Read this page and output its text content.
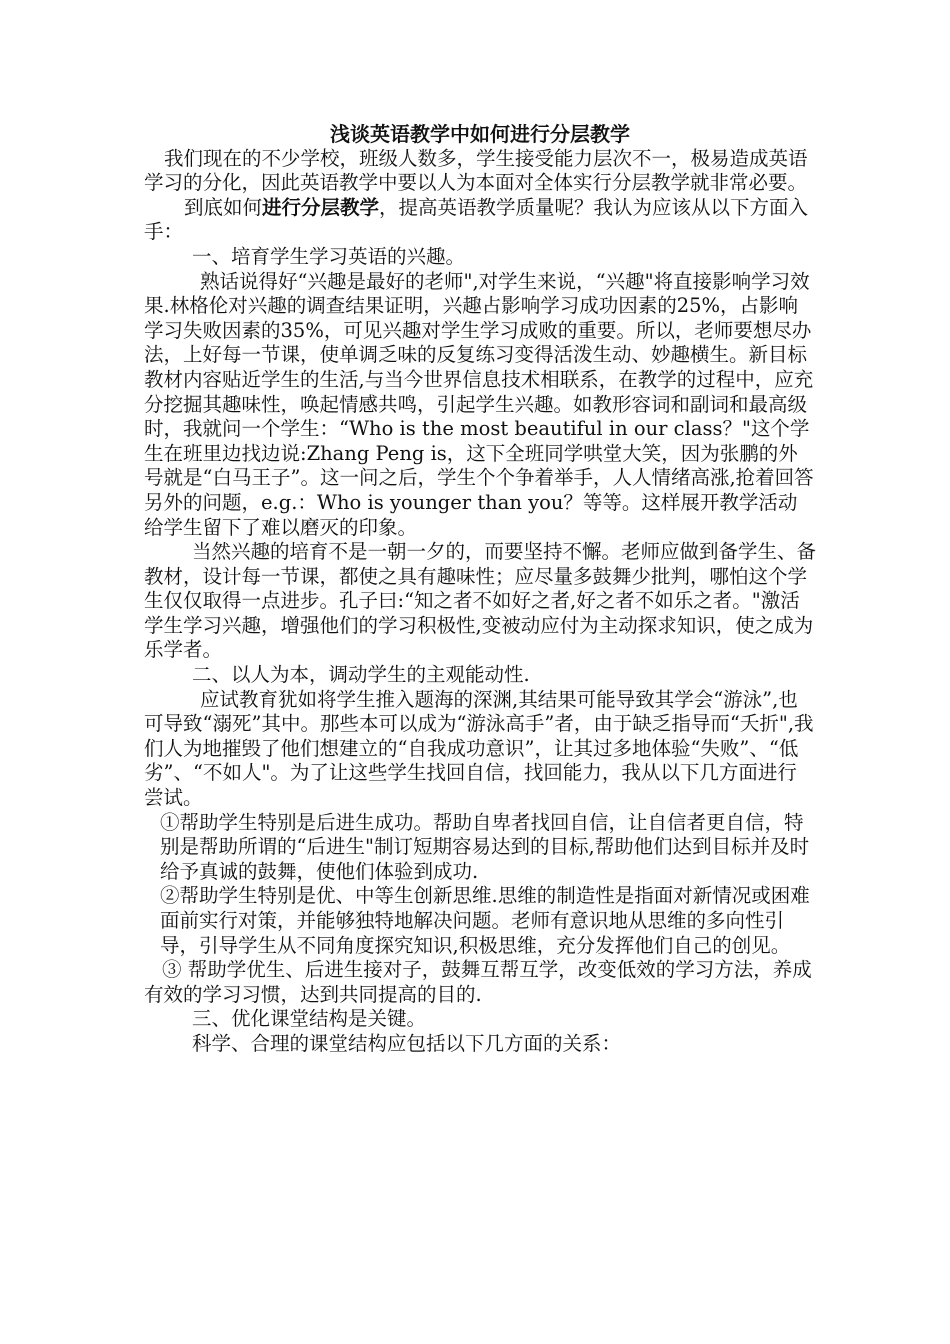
浅谈英语教学中如何进行分层教学

我们现在的不少学校，班级人数多，学生接受能力层次不一，极易造成英语学习的分化，因此英语教学中要以人为本面对全体实行分层教学就非常必要。

到底如何进行分层教学，提高英语教学质量呢？我认为应该从以下方面入手：

一、培育学生学习英语的兴趣。

熟话说得好“兴趣是最好的老师",对学生来说，“兴趣"将直接影响学习效果.林格伦对兴趣的调查结果证明，兴趣占影响学习成功因素的25%，占影响学习失败因素的35%，可见兴趣对学生学习成败的重要。所以，老师要想尽办法，上好每一节课，使单调乏味的反复练习变得活泼生动、妙趣横生。新目标教材内容贴近学生的生活,与当今世界信息技术相联系，在教学的过程中，应充分挖掘其趣味性，唤起情感共鸣，引起学生兴趣。如教形容词和副词和最高级时，我就问一个学生：“Who is the most beautiful in our class？"这个学生在班里边找边说:Zhang Peng is，这下全班同学哄堂大笑，因为张鹏的外号就是“白马王子”。这一问之后，学生个个争着举手，人人情绪高涨,抢着回答另外的问题，e.g.：Who is younger than you？等等。这样展开教学活动给学生留下了难以磨灭的印象。

当然兴趣的培育不是一朝一夕的，而要坚持不懈。老师应做到备学生、备教材，设计每一节课，都使之具有趣味性；应尽量多鼓舞少批判，哪怕这个学生仅仅取得一点进步。孔子曰:“知之者不如好之者,好之者不如乐之者。"激活学生学习兴趣，增强他们的学习积极性,变被动应付为主动探求知识，使之成为乐学者。

二、以人为本，调动学生的主观能动性.

应试教育犹如将学生推入题海的深渊,其结果可能导致其学会“游泳”,也可导致“溺死”其中。那些本可以成为“游泳高手”者，由于缺乏指导而“夭折",我们人为地摧毁了他们想建立的“自我成功意识”，让其过多地体验“失败”、“低劣”、“不如人"。为了让这些学生找回自信，找回能力，我从以下几方面进行尝试。

①帮助学生特别是后进生成功。帮助自卑者找回自信，让自信者更自信，特别是帮助所谓的“后进生"制订短期容易达到的目标,帮助他们达到目标并及时给予真诚的鼓舞，使他们体验到成功.

②帮助学生特别是优、中等生创新思维.思维的制造性是指面对新情况或困难面前实行对策，并能够独特地解决问题。老师有意识地从思维的多向性引导，引导学生从不同角度探究知识,积极思维，充分发挥他们自己的创见。

③ 帮助学优生、后进生接对子，鼓舞互帮互学，改变低效的学习方法，养成有效的学习习惯，达到共同提高的目的.

三、优化课堂结构是关键。

科学、合理的课堂结构应包括以下几方面的关系：
